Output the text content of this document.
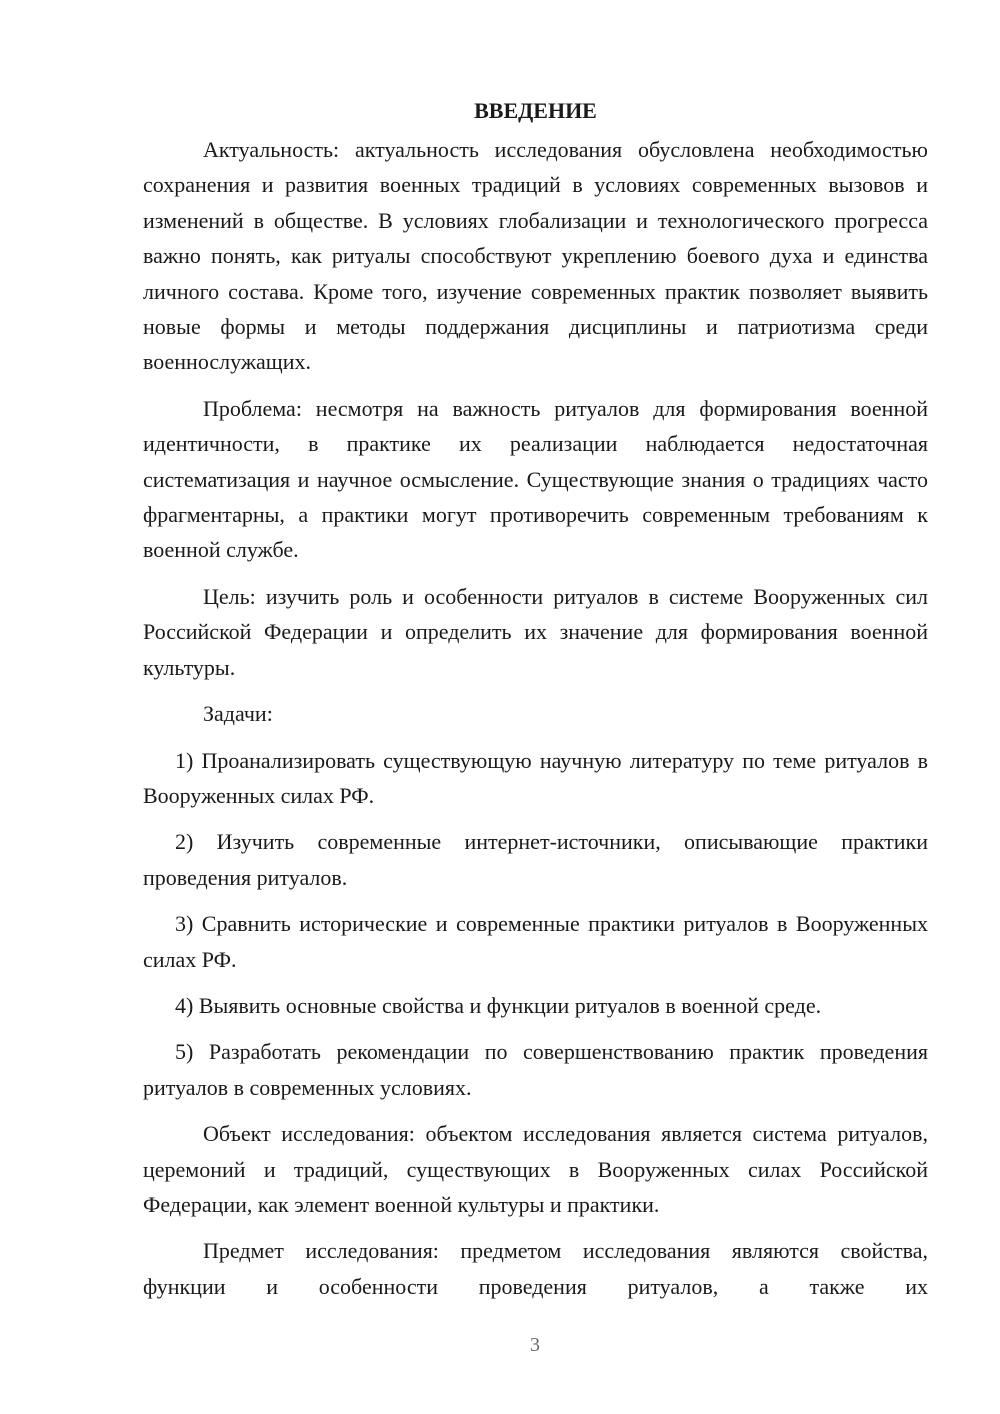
ВВЕДЕНИЕ

Актуальность: актуальность исследования обусловлена необходимостью сохранения и развития военных традиций в условиях современных вызовов и изменений в обществе. В условиях глобализации и технологического прогресса важно понять, как ритуалы способствуют укреплению боевого духа и единства личного состава. Кроме того, изучение современных практик позволяет выявить новые формы и методы поддержания дисциплины и патриотизма среди военнослужащих.

Проблема: несмотря на важность ритуалов для формирования военной идентичности, в практике их реализации наблюдается недостаточная систематизация и научное осмысление. Существующие знания о традициях часто фрагментарны, а практики могут противоречить современным требованиям к военной службе.

Цель: изучить роль и особенности ритуалов в системе Вооруженных сил Российской Федерации и определить их значение для формирования военной культуры.

Задачи:

1) Проанализировать существующую научную литературу по теме ритуалов в Вооруженных силах РФ.

2) Изучить современные интернет-источники, описывающие практики проведения ритуалов.

3) Сравнить исторические и современные практики ритуалов в Вооруженных силах РФ.

4) Выявить основные свойства и функции ритуалов в военной среде.

5) Разработать рекомендации по совершенствованию практик проведения ритуалов в современных условиях.

Объект исследования: объектом исследования является система ритуалов, церемоний и традиций, существующих в Вооруженных силах Российской Федерации, как элемент военной культуры и практики.

Предмет исследования: предметом исследования являются свойства, функции и особенности проведения ритуалов, а также их

3
